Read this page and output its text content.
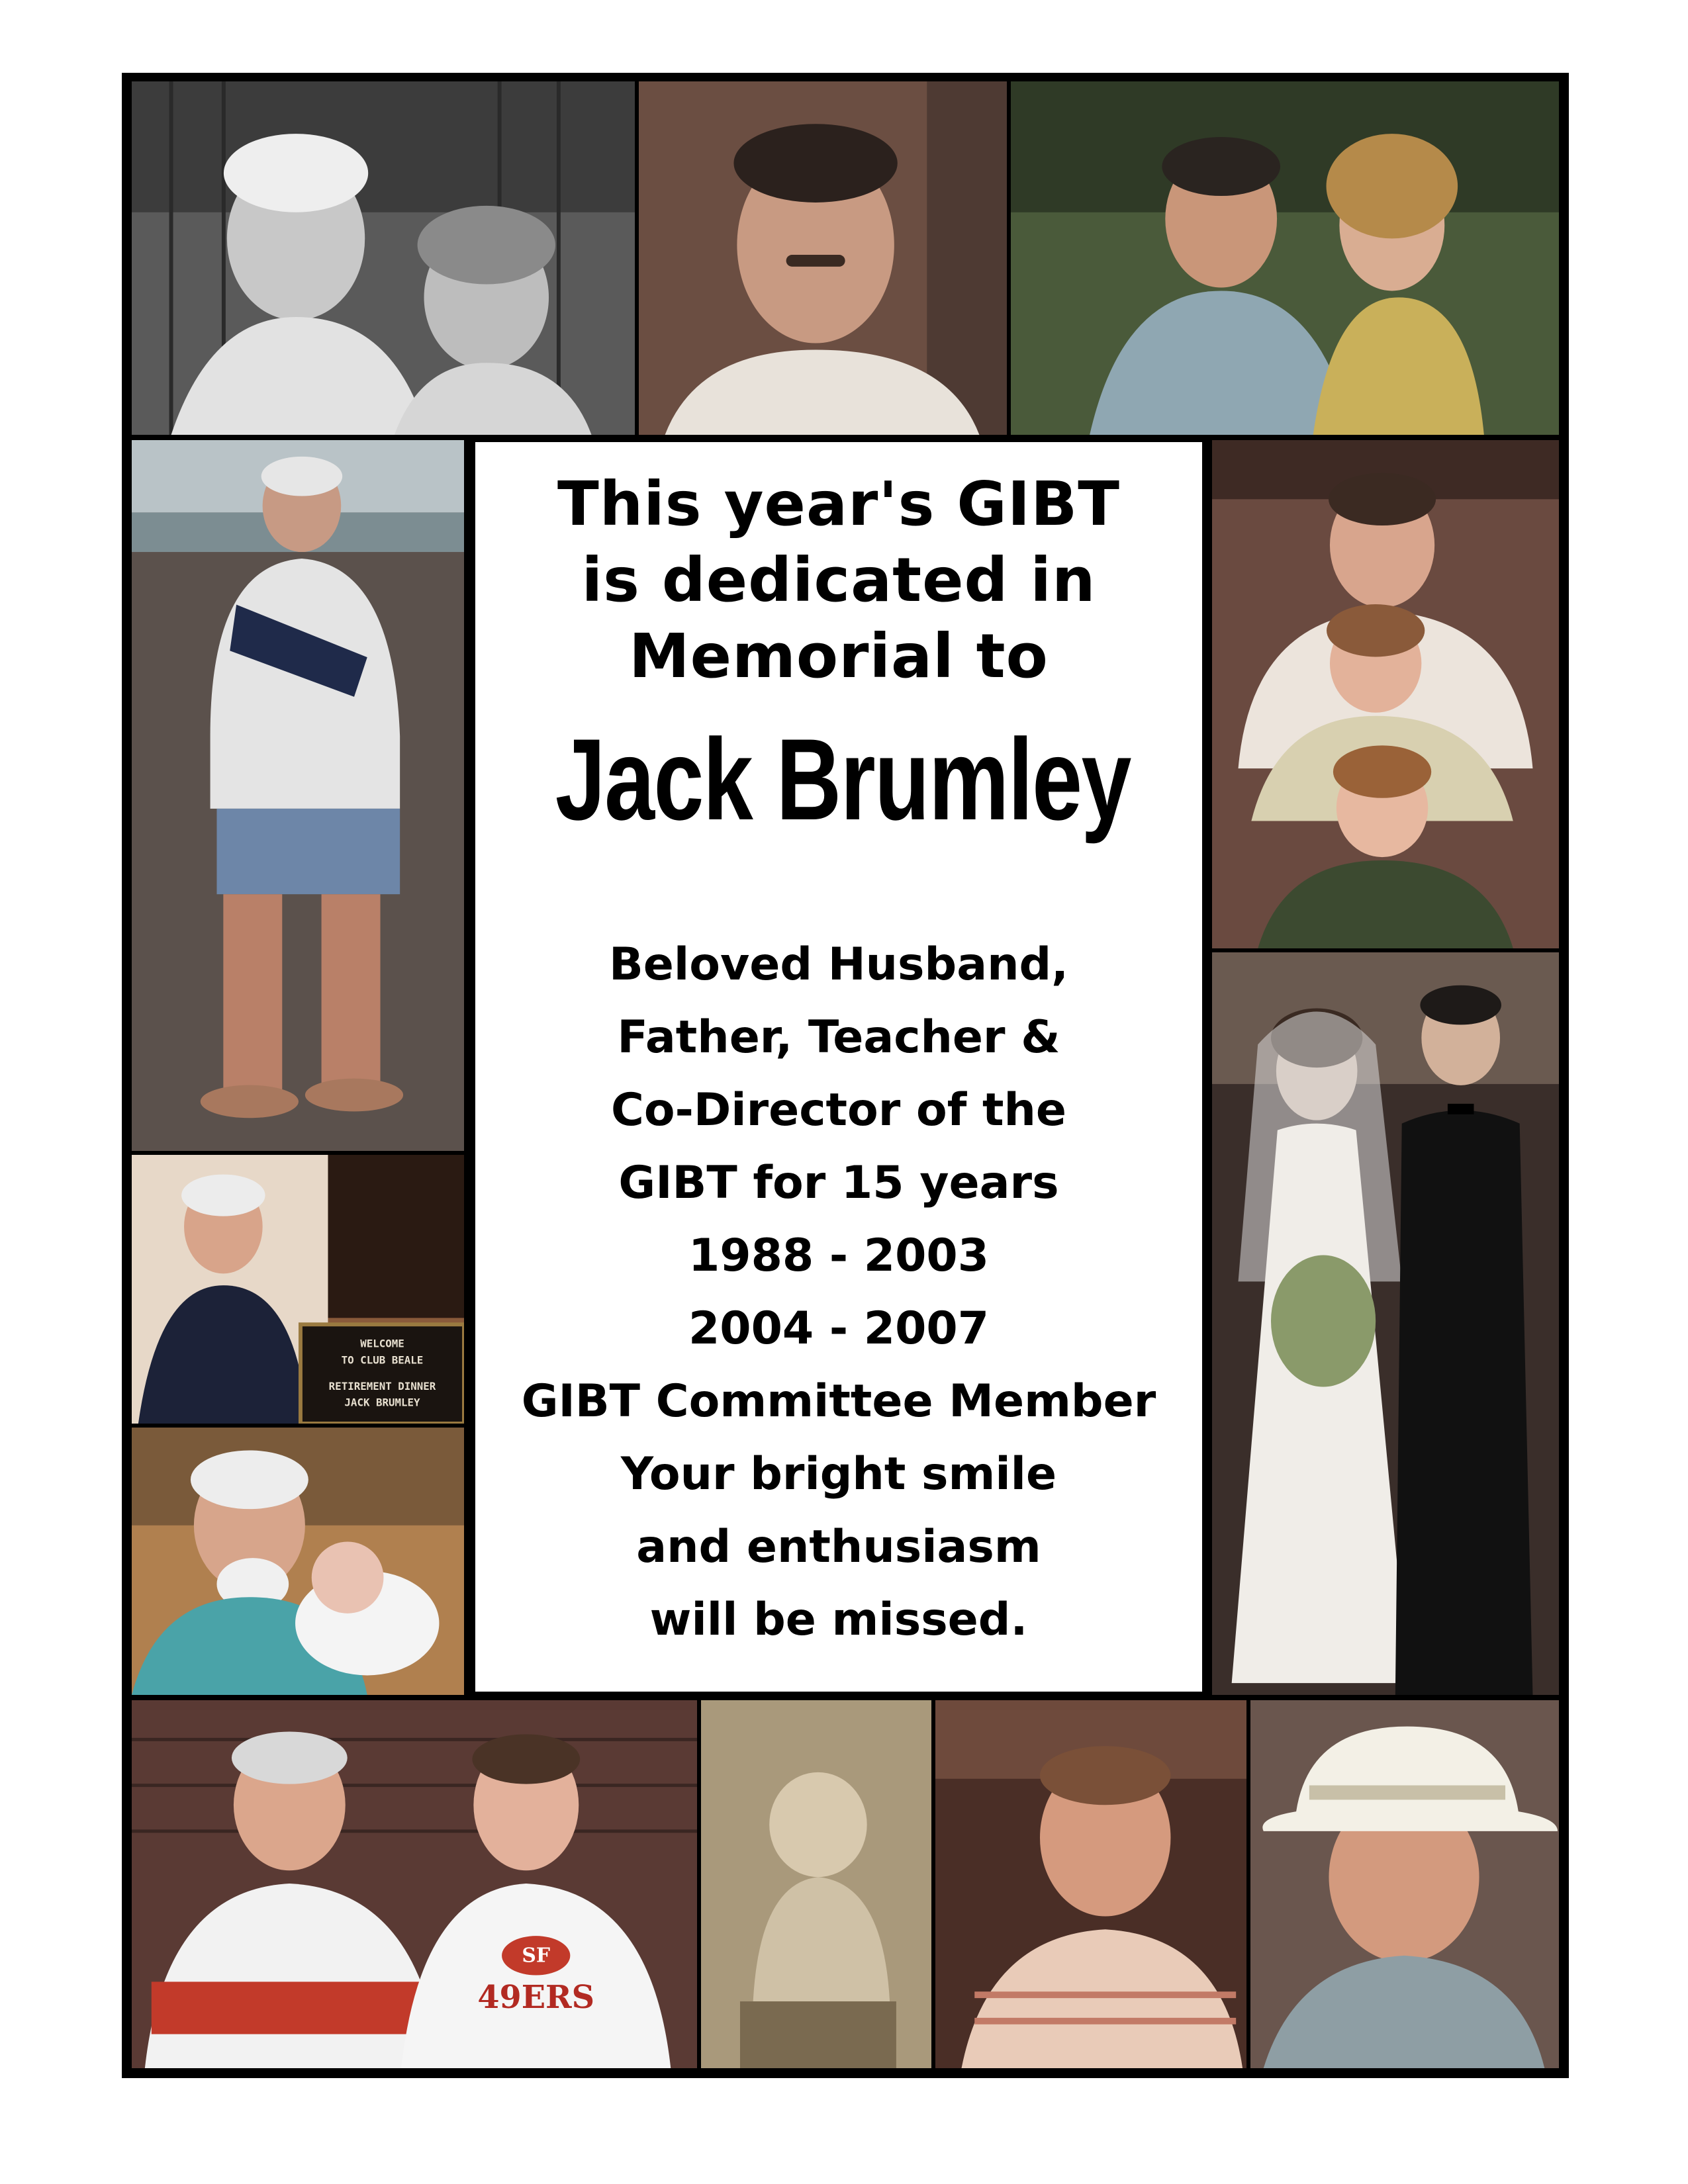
WELCOME
TO CLUB BEALE
RETIREMENT DINNER
JACK BRUMLEY
SF
49ERS
This year's GIBT
is dedicated in
Memorial to
Jack Brumley
Beloved Husband,
Father, Teacher &
Co-Director of the
GIBT for 15 years
1988 - 2003
2004 - 2007
GIBT Committee Member
Your bright smile
and enthusiasm
will be missed.
